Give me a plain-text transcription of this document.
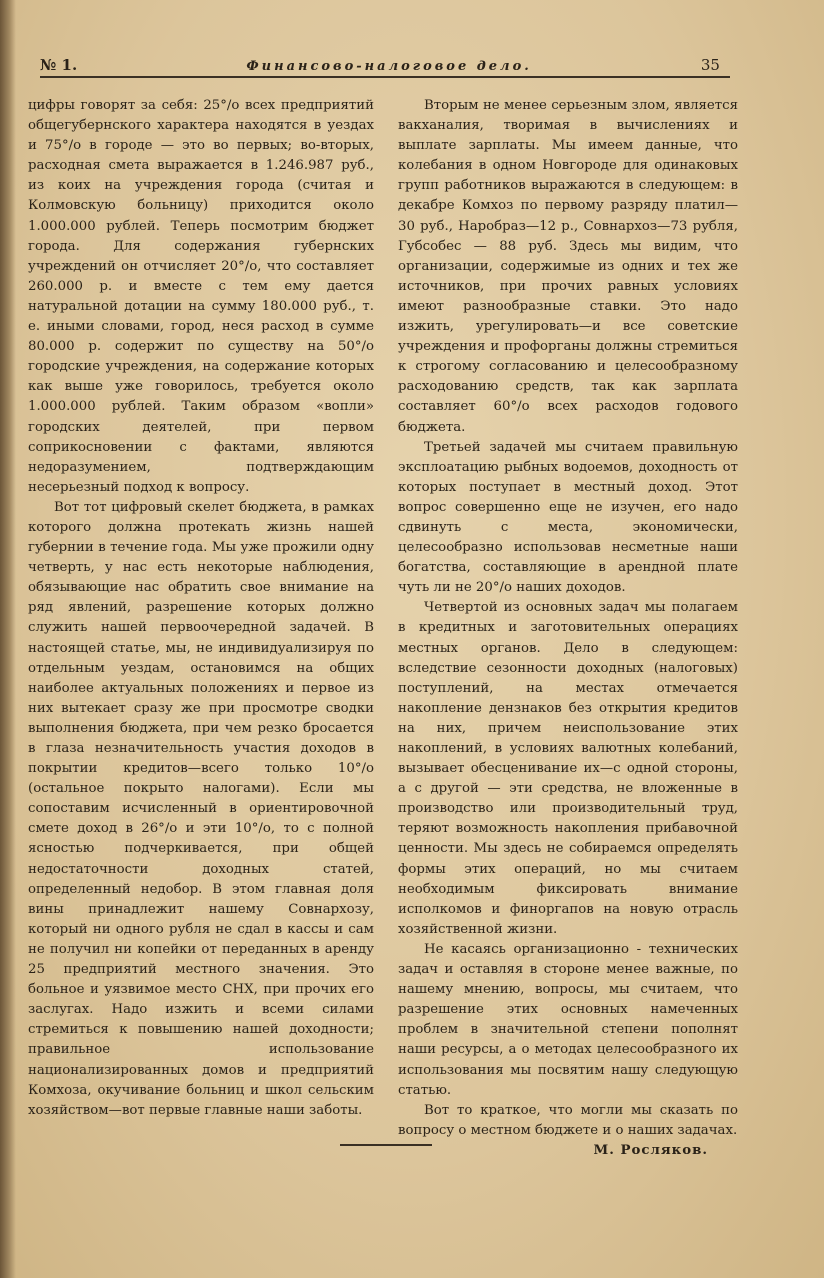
№ 1.	Финансово-налоговое дело.	35

цифры говорят за себя: 25°/о всех предприятий общегубернского характера находятся в уездах и 75°/о в городе — это во первых; во-вторых, расходная смета выражается в 1.246.987 руб., из коих на учреждения города (считая и Колмовскую больницу) приходится около 1.000.000 рублей. Теперь посмотрим бюджет города. Для содержания губернских учреждений он отчисляет 20°/о, что составляет 260.000 р. и вместе с тем ему дается натуральной дотации на сумму 180.000 руб., т. е. иными словами, город, неся расход в сумме 80.000 р. содержит по существу на 50°/о городские учреждения, на содержание которых как выше уже говорилось, требуется около 1.000.000 рублей. Таким образом «вопли» городских деятелей, при первом соприкосновении с фактами, являются недоразумением, подтверждающим несерьезный подход к вопросу.

Вот тот цифровый скелет бюджета, в рамках которого должна протекать жизнь нашей губернии в течение года. Мы уже прожили одну четверть, у нас есть некоторые наблюдения, обязывающие нас обратить свое внимание на ряд явлений, разрешение которых должно служить нашей первоочередной задачей. В настоящей статье, мы, не индивидуализируя по отдельным уездам, остановимся на общих наиболее актуальных положениях и первое из них вытекает сразу же при просмотре сводки выполнения бюджета, при чем резко бросается в глаза незначительность участия доходов в покрытии кредитов—всего только 10°/о (остальное покрыто налогами). Если мы сопоставим исчисленный в ориентировочной смете доход в 26°/о и эти 10°/о, то с полной ясностью подчеркивается, при общей недостаточности доходных статей, определенный недобор. В этом главная доля вины принадлежит нашему Совнархозу, который ни одного рубля не сдал в кассы и сам не получил ни копейки от переданных в аренду 25 предприятий местного значения. Это больное и уязвимое место СНХ, при прочих его заслугах. Надо изжить и всеми силами стремиться к повышению нашей доходности; правильное использование национализированных домов и предприятий Комхоза, окучивание больниц и школ сельским хозяйством—вот первые главные наши заботы.

Вторым не менее серьезным злом, является вакханалия, творимая в вычислениях и выплате зарплаты. Мы имеем данные, что колебания в одном Новгороде для одинаковых групп работников выражаются в следующем: в декабре Комхоз по первому разряду платил—30 руб., Наробраз—12 р., Совнархоз—73 рубля, Губсобес — 88 руб. Здесь мы видим, что организации, содержимые из одних и тех же источников, при прочих равных условиях имеют разнообразные ставки. Это надо изжить, урегулировать—и все советские учреждения и профорганы должны стремиться к строгому согласованию и целесообразному расходованию средств, так как зарплата составляет 60°/о всех расходов годового бюджета.

Третьей задачей мы считаем правильную эксплоатацию рыбных водоемов, доходность от которых поступает в местный доход. Этот вопрос совершенно еще не изучен, его надо сдвинуть с места, экономически, целесообразно использовав несметные наши богатства, составляющие в арендной плате чуть ли не 20°/о наших доходов.

Четвертой из основных задач мы полагаем в кредитных и заготовительных операциях местных органов. Дело в следующем: вследствие сезонности доходных (налоговых) поступлений, на местах отмечается накопление дензнаков без открытия кредитов на них, причем неиспользование этих накоплений, в условиях валютных колебаний, вызывает обесценивание их—с одной стороны, а с другой — эти средства, не вложенные в производство или производительный труд, теряют возможность накопления прибавочной ценности. Мы здесь не собираемся определять формы этих операций, но мы считаем необходимым фиксировать внимание исполкомов и финоргапов на новую отрасль хозяйственной жизни.

Не касаясь организационно - технических задач и оставляя в стороне менее важные, по нашему мнению, вопросы, мы считаем, что разрешение этих основных намеченных проблем в значительной степени пополнят наши ресурсы, а о методах целесообразного их использования мы посвятим нашу следующую статью.

Вот то краткое, что могли мы сказать по вопросу о местном бюджете и о наших задачах.

М. Росляков.
